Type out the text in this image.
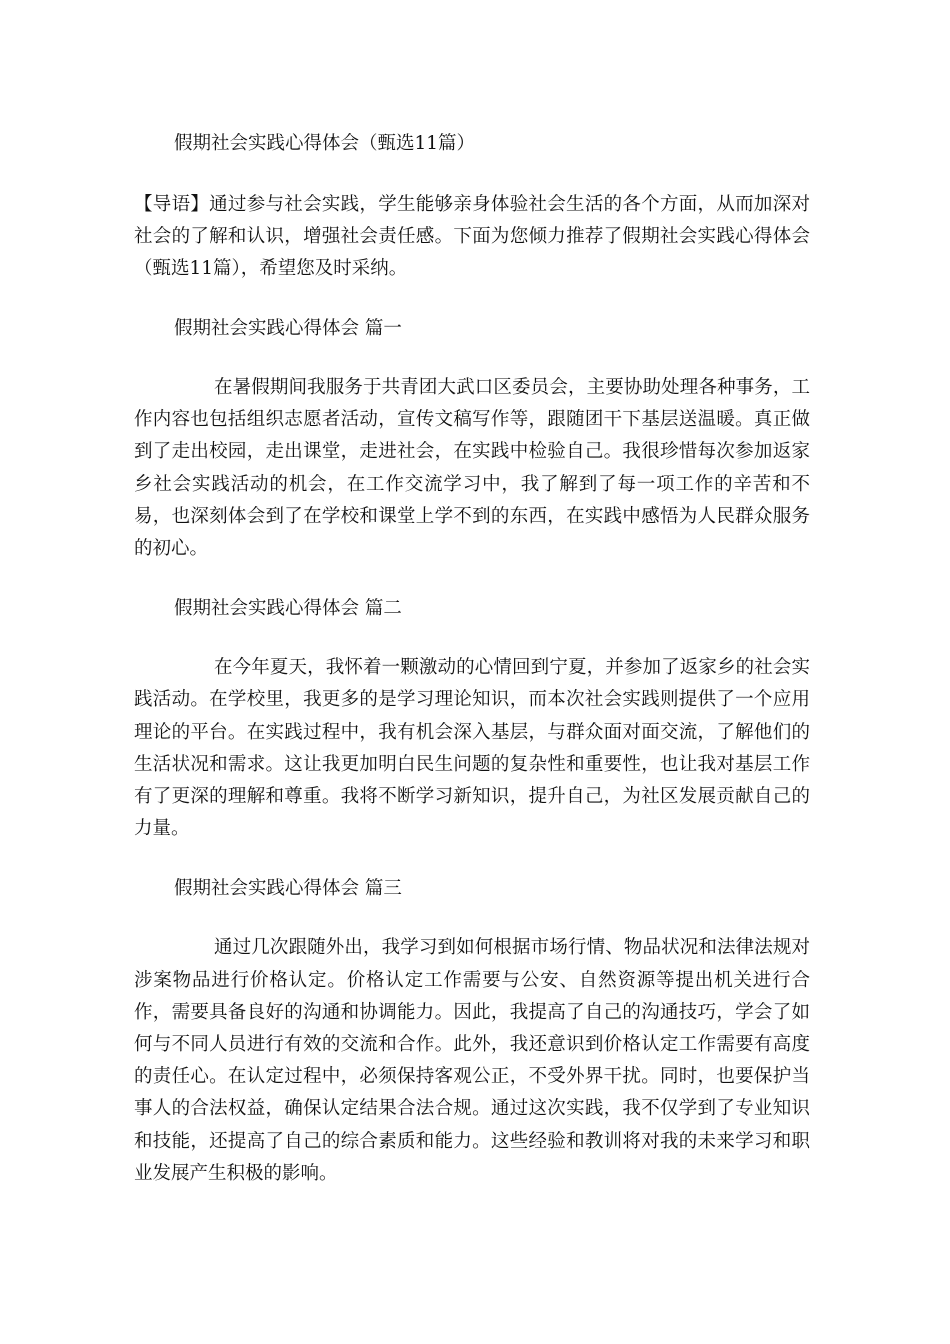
假期社会实践心得体会（甄选11篇）

【导语】通过参与社会实践，学生能够亲身体验社会生活的各个方面，从而加深对社会的了解和认识，增强社会责任感。下面为您倾力推荐了假期社会实践心得体会（甄选11篇），希望您及时采纳。

假期社会实践心得体会 篇一

在暑假期间我服务于共青团大武口区委员会，主要协助处理各种事务，工作内容也包括组织志愿者活动，宣传文稿写作等，跟随团干下基层送温暖。真正做到了走出校园，走出课堂，走进社会，在实践中检验自己。我很珍惜每次参加返家乡社会实践活动的机会，在工作交流学习中，我了解到了每一项工作的辛苦和不易，也深刻体会到了在学校和课堂上学不到的东西，在实践中感悟为人民群众服务的初心。

假期社会实践心得体会 篇二

在今年夏天，我怀着一颗激动的心情回到宁夏，并参加了返家乡的社会实践活动。在学校里，我更多的是学习理论知识，而本次社会实践则提供了一个应用理论的平台。在实践过程中，我有机会深入基层，与群众面对面交流，了解他们的生活状况和需求。这让我更加明白民生问题的复杂性和重要性，也让我对基层工作有了更深的理解和尊重。我将不断学习新知识，提升自己，为社区发展贡献自己的力量。

假期社会实践心得体会 篇三

通过几次跟随外出，我学习到如何根据市场行情、物品状况和法律法规对涉案物品进行价格认定。价格认定工作需要与公安、自然资源等提出机关进行合作，需要具备良好的沟通和协调能力。因此，我提高了自己的沟通技巧，学会了如何与不同人员进行有效的交流和合作。此外，我还意识到价格认定工作需要有高度的责任心。在认定过程中，必须保持客观公正，不受外界干扰。同时，也要保护当事人的合法权益，确保认定结果合法合规。通过这次实践，我不仅学到了专业知识和技能，还提高了自己的综合素质和能力。这些经验和教训将对我的未来学习和职业发展产生积极的影响。
